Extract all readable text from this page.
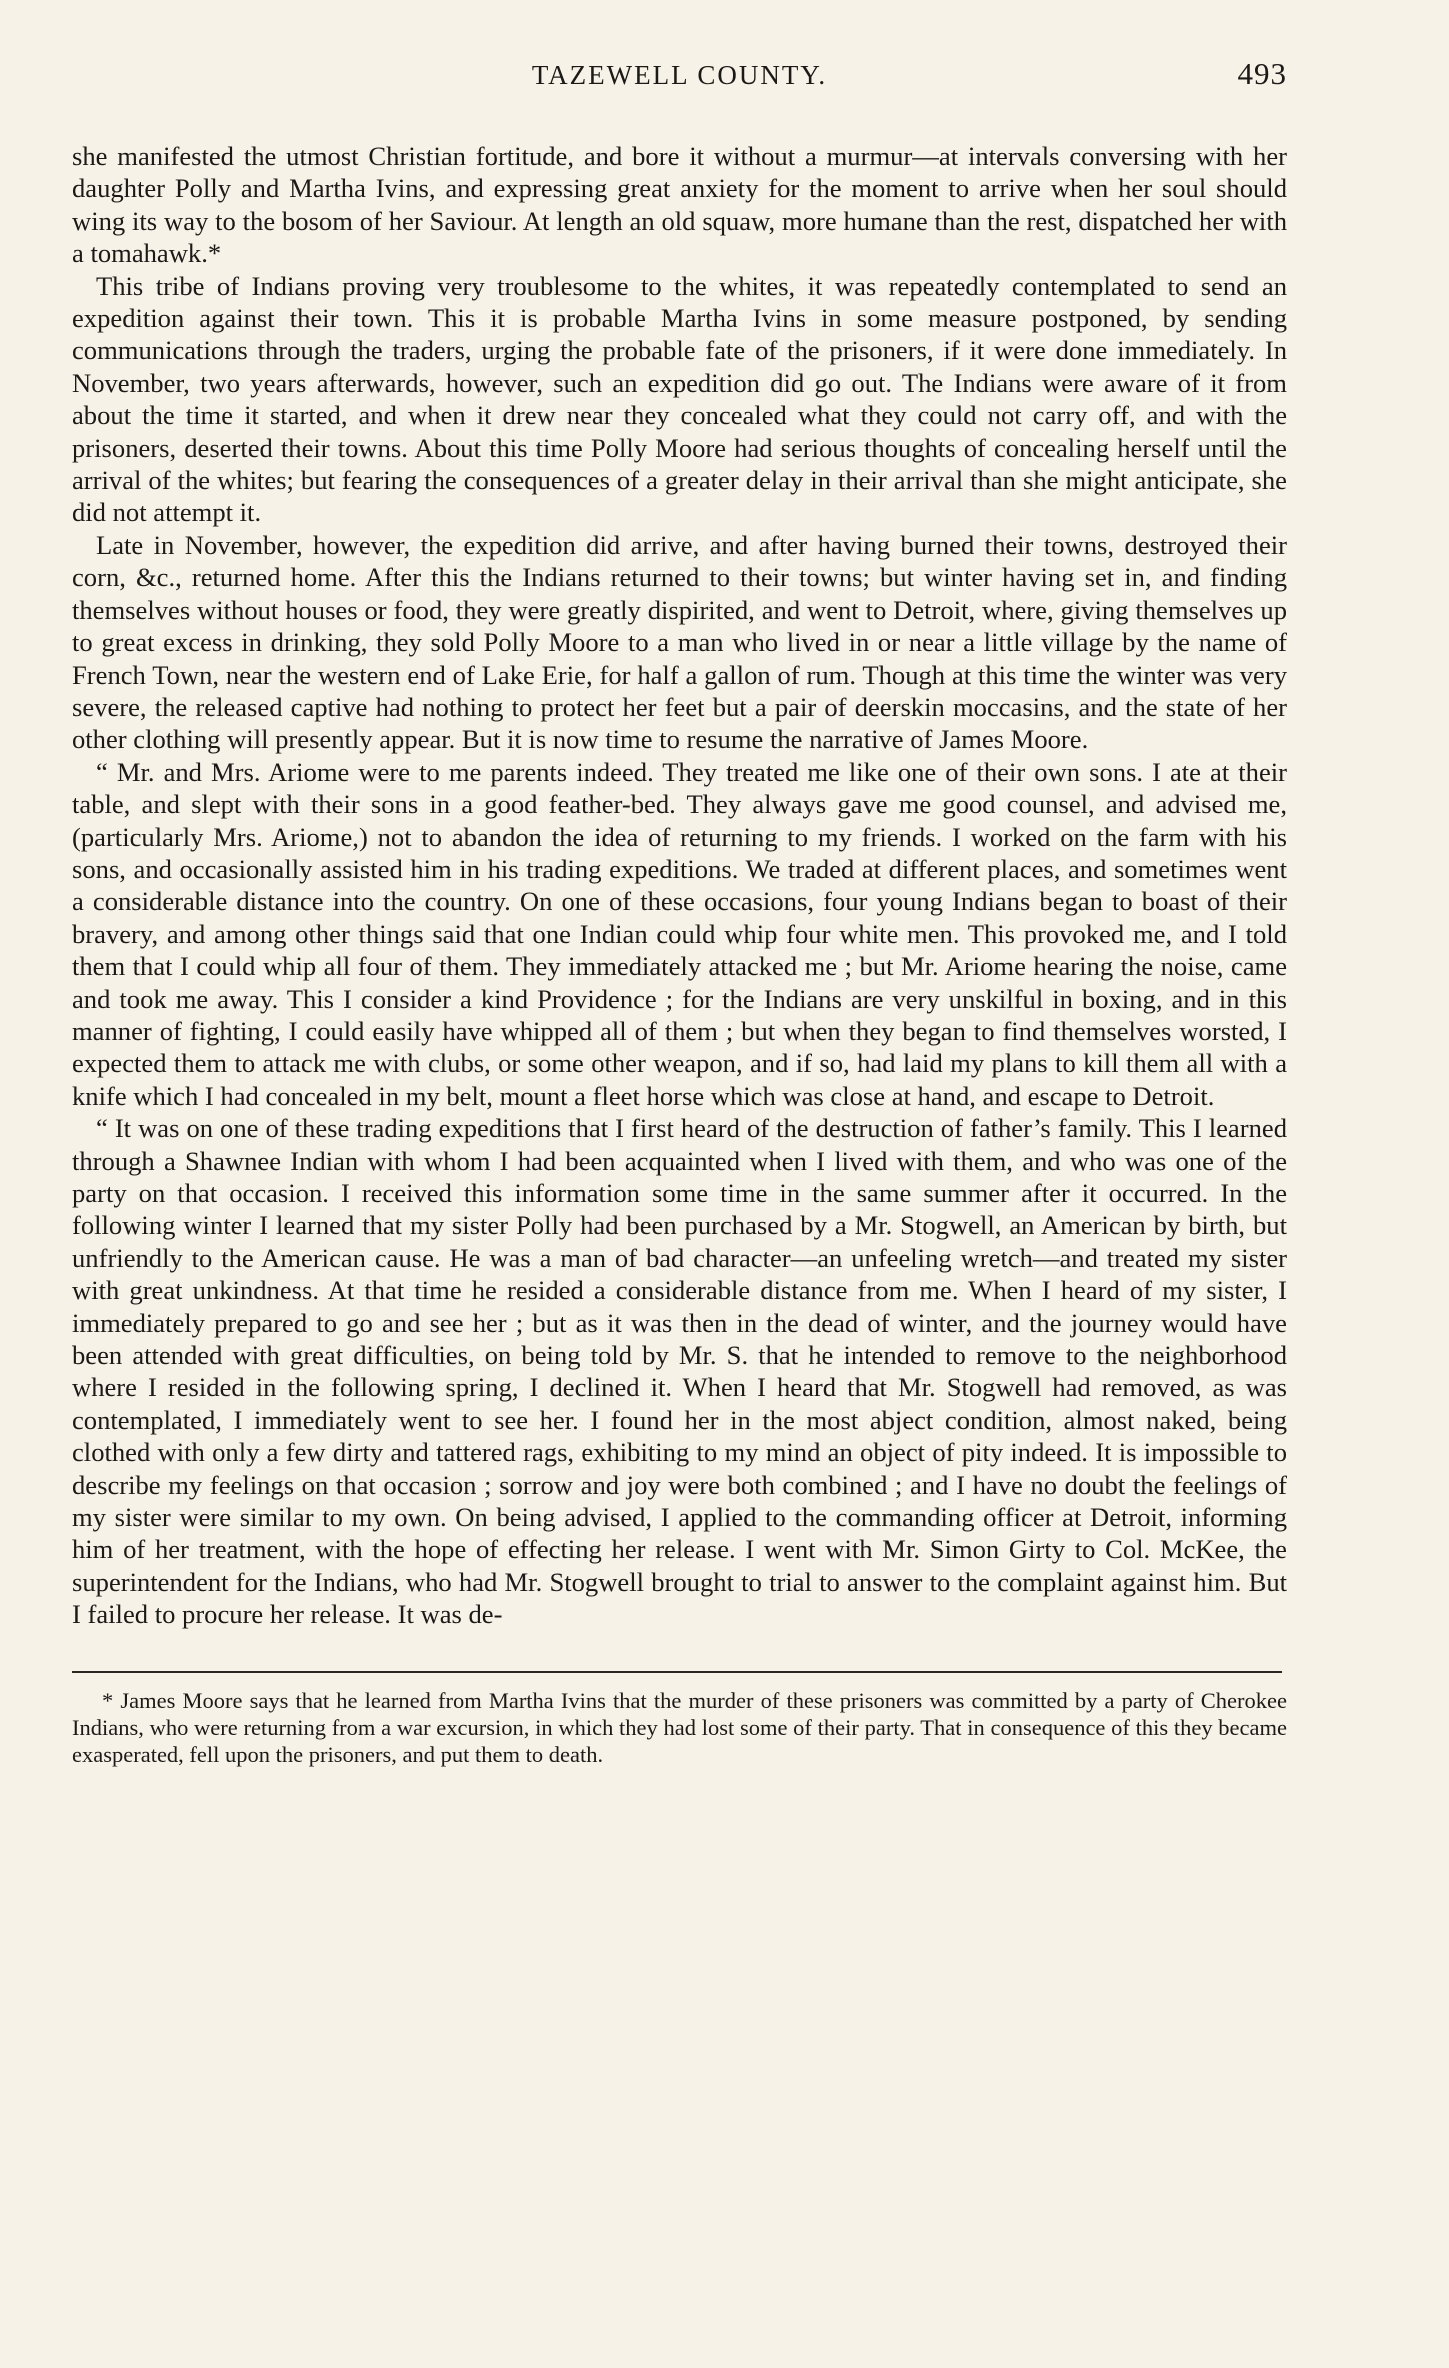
TAZEWELL COUNTY.	493

she manifested the utmost Christian fortitude, and bore it without a murmur—at intervals conversing with her daughter Polly and Martha Ivins, and expressing great anxiety for the moment to arrive when her soul should wing its way to the bosom of her Saviour. At length an old squaw, more humane than the rest, dispatched her with a tomahawk.*

This tribe of Indians proving very troublesome to the whites, it was repeatedly contemplated to send an expedition against their town. This it is probable Martha Ivins in some measure postponed, by sending communications through the traders, urging the probable fate of the prisoners, if it were done immediately. In November, two years afterwards, however, such an expedition did go out. The Indians were aware of it from about the time it started, and when it drew near they concealed what they could not carry off, and with the prisoners, deserted their towns. About this time Polly Moore had serious thoughts of concealing herself until the arrival of the whites; but fearing the consequences of a greater delay in their arrival than she might anticipate, she did not attempt it.

Late in November, however, the expedition did arrive, and after having burned their towns, destroyed their corn, &c., returned home. After this the Indians returned to their towns; but winter having set in, and finding themselves without houses or food, they were greatly dispirited, and went to Detroit, where, giving themselves up to great excess in drinking, they sold Polly Moore to a man who lived in or near a little village by the name of French Town, near the western end of Lake Erie, for half a gallon of rum. Though at this time the winter was very severe, the released captive had nothing to protect her feet but a pair of deerskin moccasins, and the state of her other clothing will presently appear. But it is now time to resume the narrative of James Moore.

“ Mr. and Mrs. Ariome were to me parents indeed. They treated me like one of their own sons. I ate at their table, and slept with their sons in a good feather-bed. They always gave me good counsel, and advised me, (particularly Mrs. Ariome,) not to abandon the idea of returning to my friends. I worked on the farm with his sons, and occasionally assisted him in his trading expeditions. We traded at different places, and sometimes went a considerable distance into the country. On one of these occasions, four young Indians began to boast of their bravery, and among other things said that one Indian could whip four white men. This provoked me, and I told them that I could whip all four of them. They immediately attacked me ; but Mr. Ariome hearing the noise, came and took me away. This I consider a kind Providence ; for the Indians are very unskilful in boxing, and in this manner of fighting, I could easily have whipped all of them ; but when they began to find themselves worsted, I expected them to attack me with clubs, or some other weapon, and if so, had laid my plans to kill them all with a knife which I had concealed in my belt, mount a fleet horse which was close at hand, and escape to Detroit.

“ It was on one of these trading expeditions that I first heard of the destruction of father’s family. This I learned through a Shawnee Indian with whom I had been acquainted when I lived with them, and who was one of the party on that occasion. I received this information some time in the same summer after it occurred. In the following winter I learned that my sister Polly had been purchased by a Mr. Stogwell, an American by birth, but unfriendly to the American cause. He was a man of bad character—an unfeeling wretch—and treated my sister with great unkindness. At that time he resided a considerable distance from me. When I heard of my sister, I immediately prepared to go and see her ; but as it was then in the dead of winter, and the journey would have been attended with great difficulties, on being told by Mr. S. that he intended to remove to the neighborhood where I resided in the following spring, I declined it. When I heard that Mr. Stogwell had removed, as was contemplated, I immediately went to see her. I found her in the most abject condition, almost naked, being clothed with only a few dirty and tattered rags, exhibiting to my mind an object of pity indeed. It is impossible to describe my feelings on that occasion ; sorrow and joy were both combined ; and I have no doubt the feelings of my sister were similar to my own. On being advised, I applied to the commanding officer at Detroit, informing him of her treatment, with the hope of effecting her release. I went with Mr. Simon Girty to Col. McKee, the superintendent for the Indians, who had Mr. Stogwell brought to trial to answer to the complaint against him. But I failed to procure her release. It was de-

* James Moore says that he learned from Martha Ivins that the murder of these prisoners was committed by a party of Cherokee Indians, who were returning from a war excursion, in which they had lost some of their party. That in consequence of this they became exasperated, fell upon the prisoners, and put them to death.
